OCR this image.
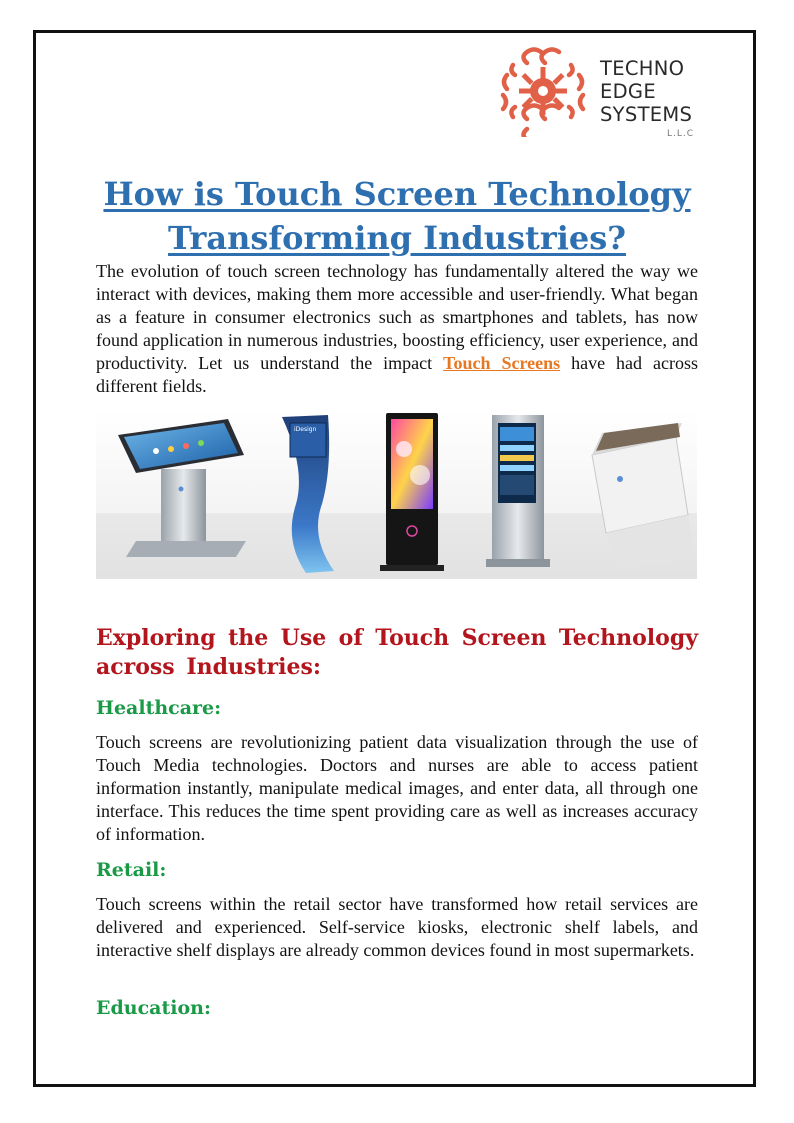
TECHNO
EDGE
SYSTEMS
L.L.C
How is Touch Screen Technology Transforming Industries?

The evolution of touch screen technology has fundamentally altered the way we interact with devices, making them more accessible and user-friendly. What began as a feature in consumer electronics such as smartphones and tablets, has now found application in numerous industries, boosting efficiency, user experience, and productivity. Let us understand the impact Touch Screens have had across different fields.

iDesign
Exploring the Use of Touch Screen Technology across Industries:
Healthcare:

Touch screens are revolutionizing patient data visualization through the use of Touch Media technologies. Doctors and nurses are able to access patient information instantly, manipulate medical images, and enter data, all through one interface. This reduces the time spent providing care as well as increases accuracy of information.

Retail:

Touch screens within the retail sector have transformed how retail services are delivered and experienced. Self-service kiosks, electronic shelf labels, and interactive shelf displays are already common devices found in most supermarkets.

Education:
